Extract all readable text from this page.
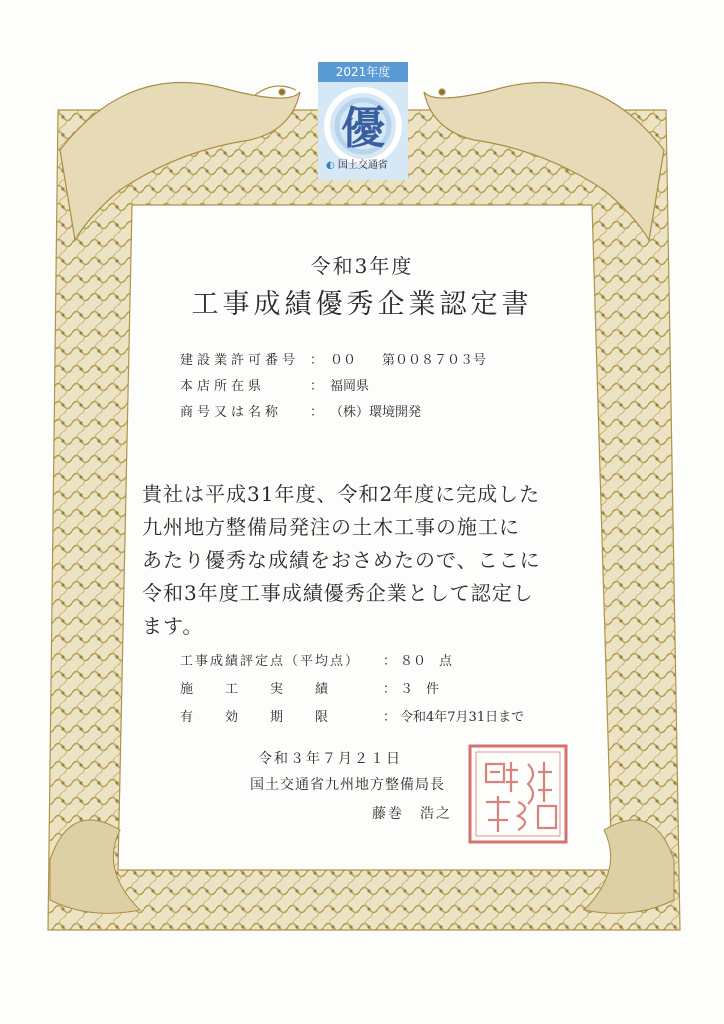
2021年度
優
◐ 国土交通省
令和3年度
工事成績優秀企業認定書
建設業許可番号 ： ００　　第００８７０３号
本店所在県	： 福岡県
商号又は名称	： （株）環境開発
貴社は平成31年度、令和2年度に完成した
九州地方整備局発注の土木工事の施工に
あたり優秀な成績をおさめたので、ここに
令和3年度工事成績優秀企業として認定し
ます。
工事成績評定点（平均点）	： ８０　点
施　　工　　実　　績	： ３　件
有　　効　　期　　限	： 令和4年7月31日まで
令和３年７月２１日
国土交通省九州地方整備局長
藤巻　浩之
